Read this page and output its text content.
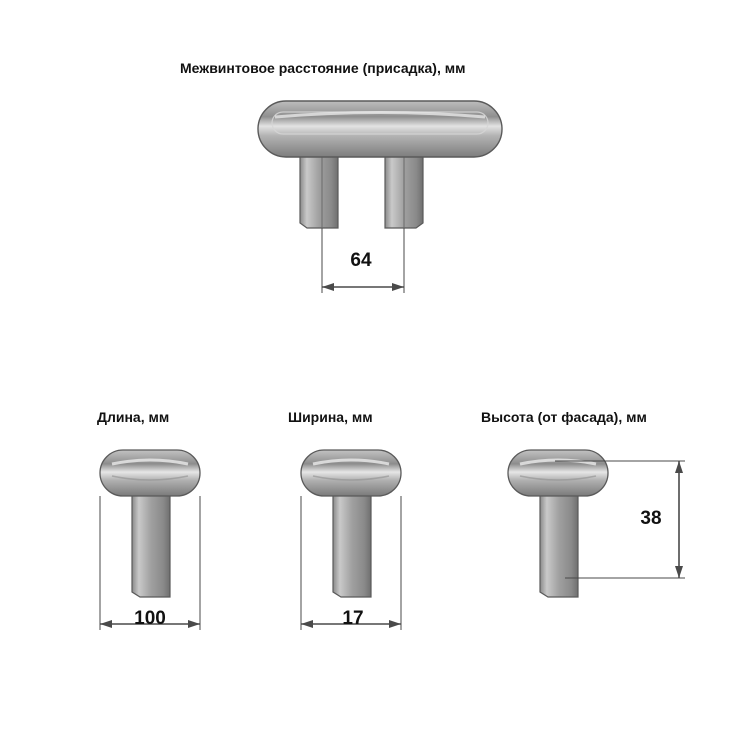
Межвинтовое расстояние (присадка), мм
64
Длина, мм
100
Ширина, мм
17
Высота (от фасада), мм
38
